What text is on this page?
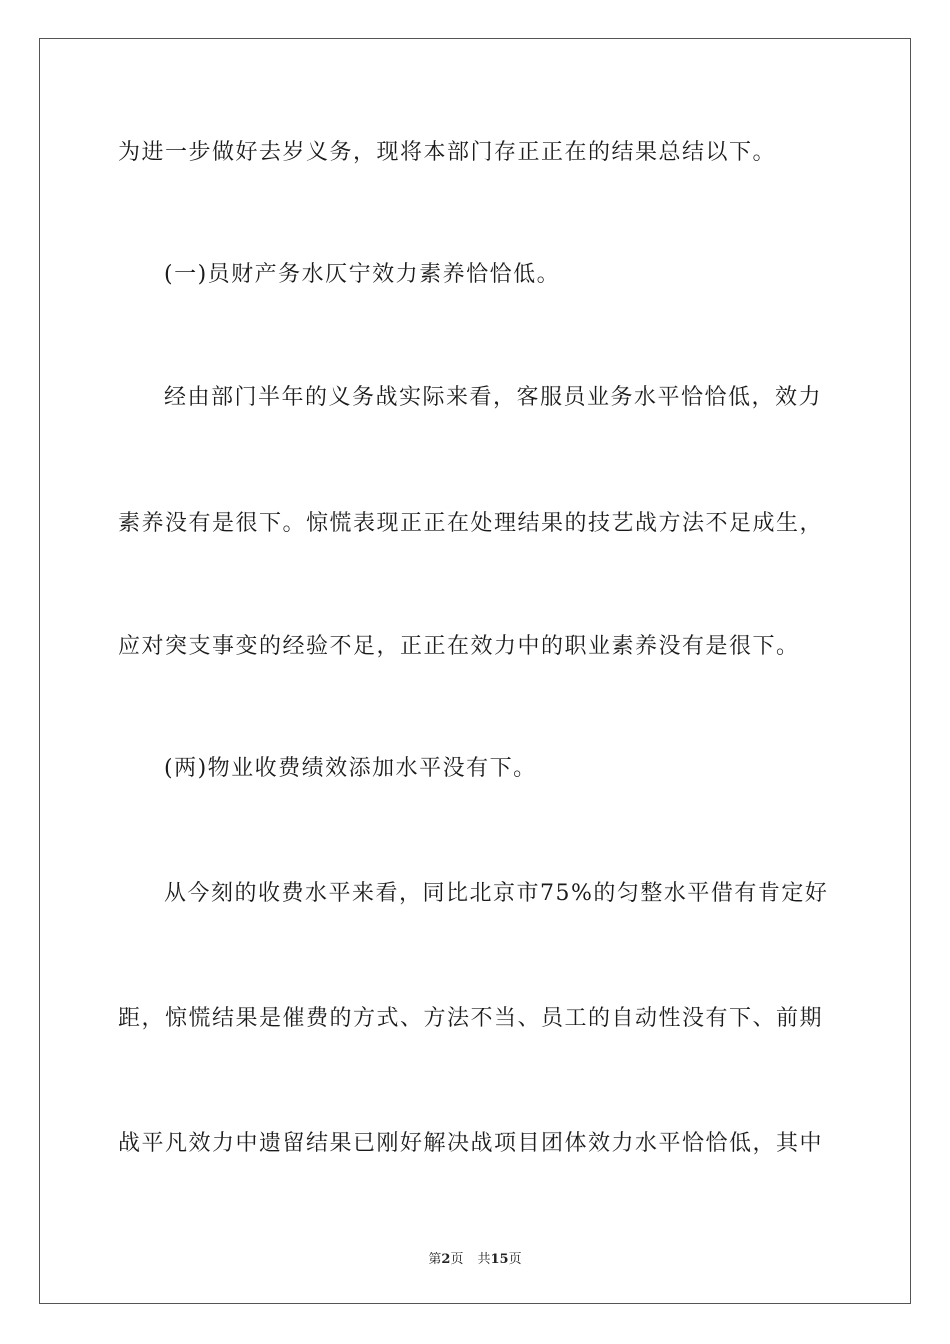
为进一步做好去岁义务，现将本部门存正正在的结果总结以下。
(一)员财产务水仄宁效力素养恰恰低。
经由部门半年的义务战实际来看，客服员业务水平恰恰低，效力
素养没有是很下。惊慌表现正正在处理结果的技艺战方法不足成生，
应对突支事变的经验不足，正正在效力中的职业素养没有是很下。
(两)物业收费绩效添加水平没有下。
从今刻的收费水平来看，同比北京市75%的匀整水平借有肯定好
距，惊慌结果是催费的方式、方法不当、员工的自动性没有下、前期
战平凡效力中遗留结果已刚好解决战项目团体效力水平恰恰低，其中
第2页 共15页
